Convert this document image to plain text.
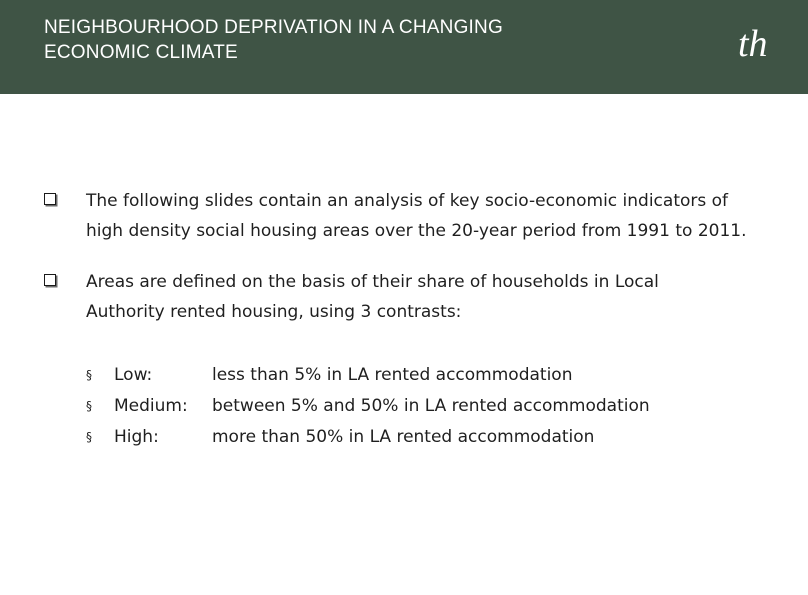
NEIGHBOURHOOD DEPRIVATION IN A CHANGING
ECONOMIC CLIMATE	th
The following slides contain an analysis of key socio-economic indicators of
high density social housing areas over the 20-year period from 1991 to 2011.
Areas are defined on the basis of their share of households in Local
Authority rented housing, using 3 contrasts:
§ Low:	less than 5% in LA rented accommodation
§ Medium: between 5% and 50% in LA rented accommodation
§ High:	more than 50% in LA rented accommodation
